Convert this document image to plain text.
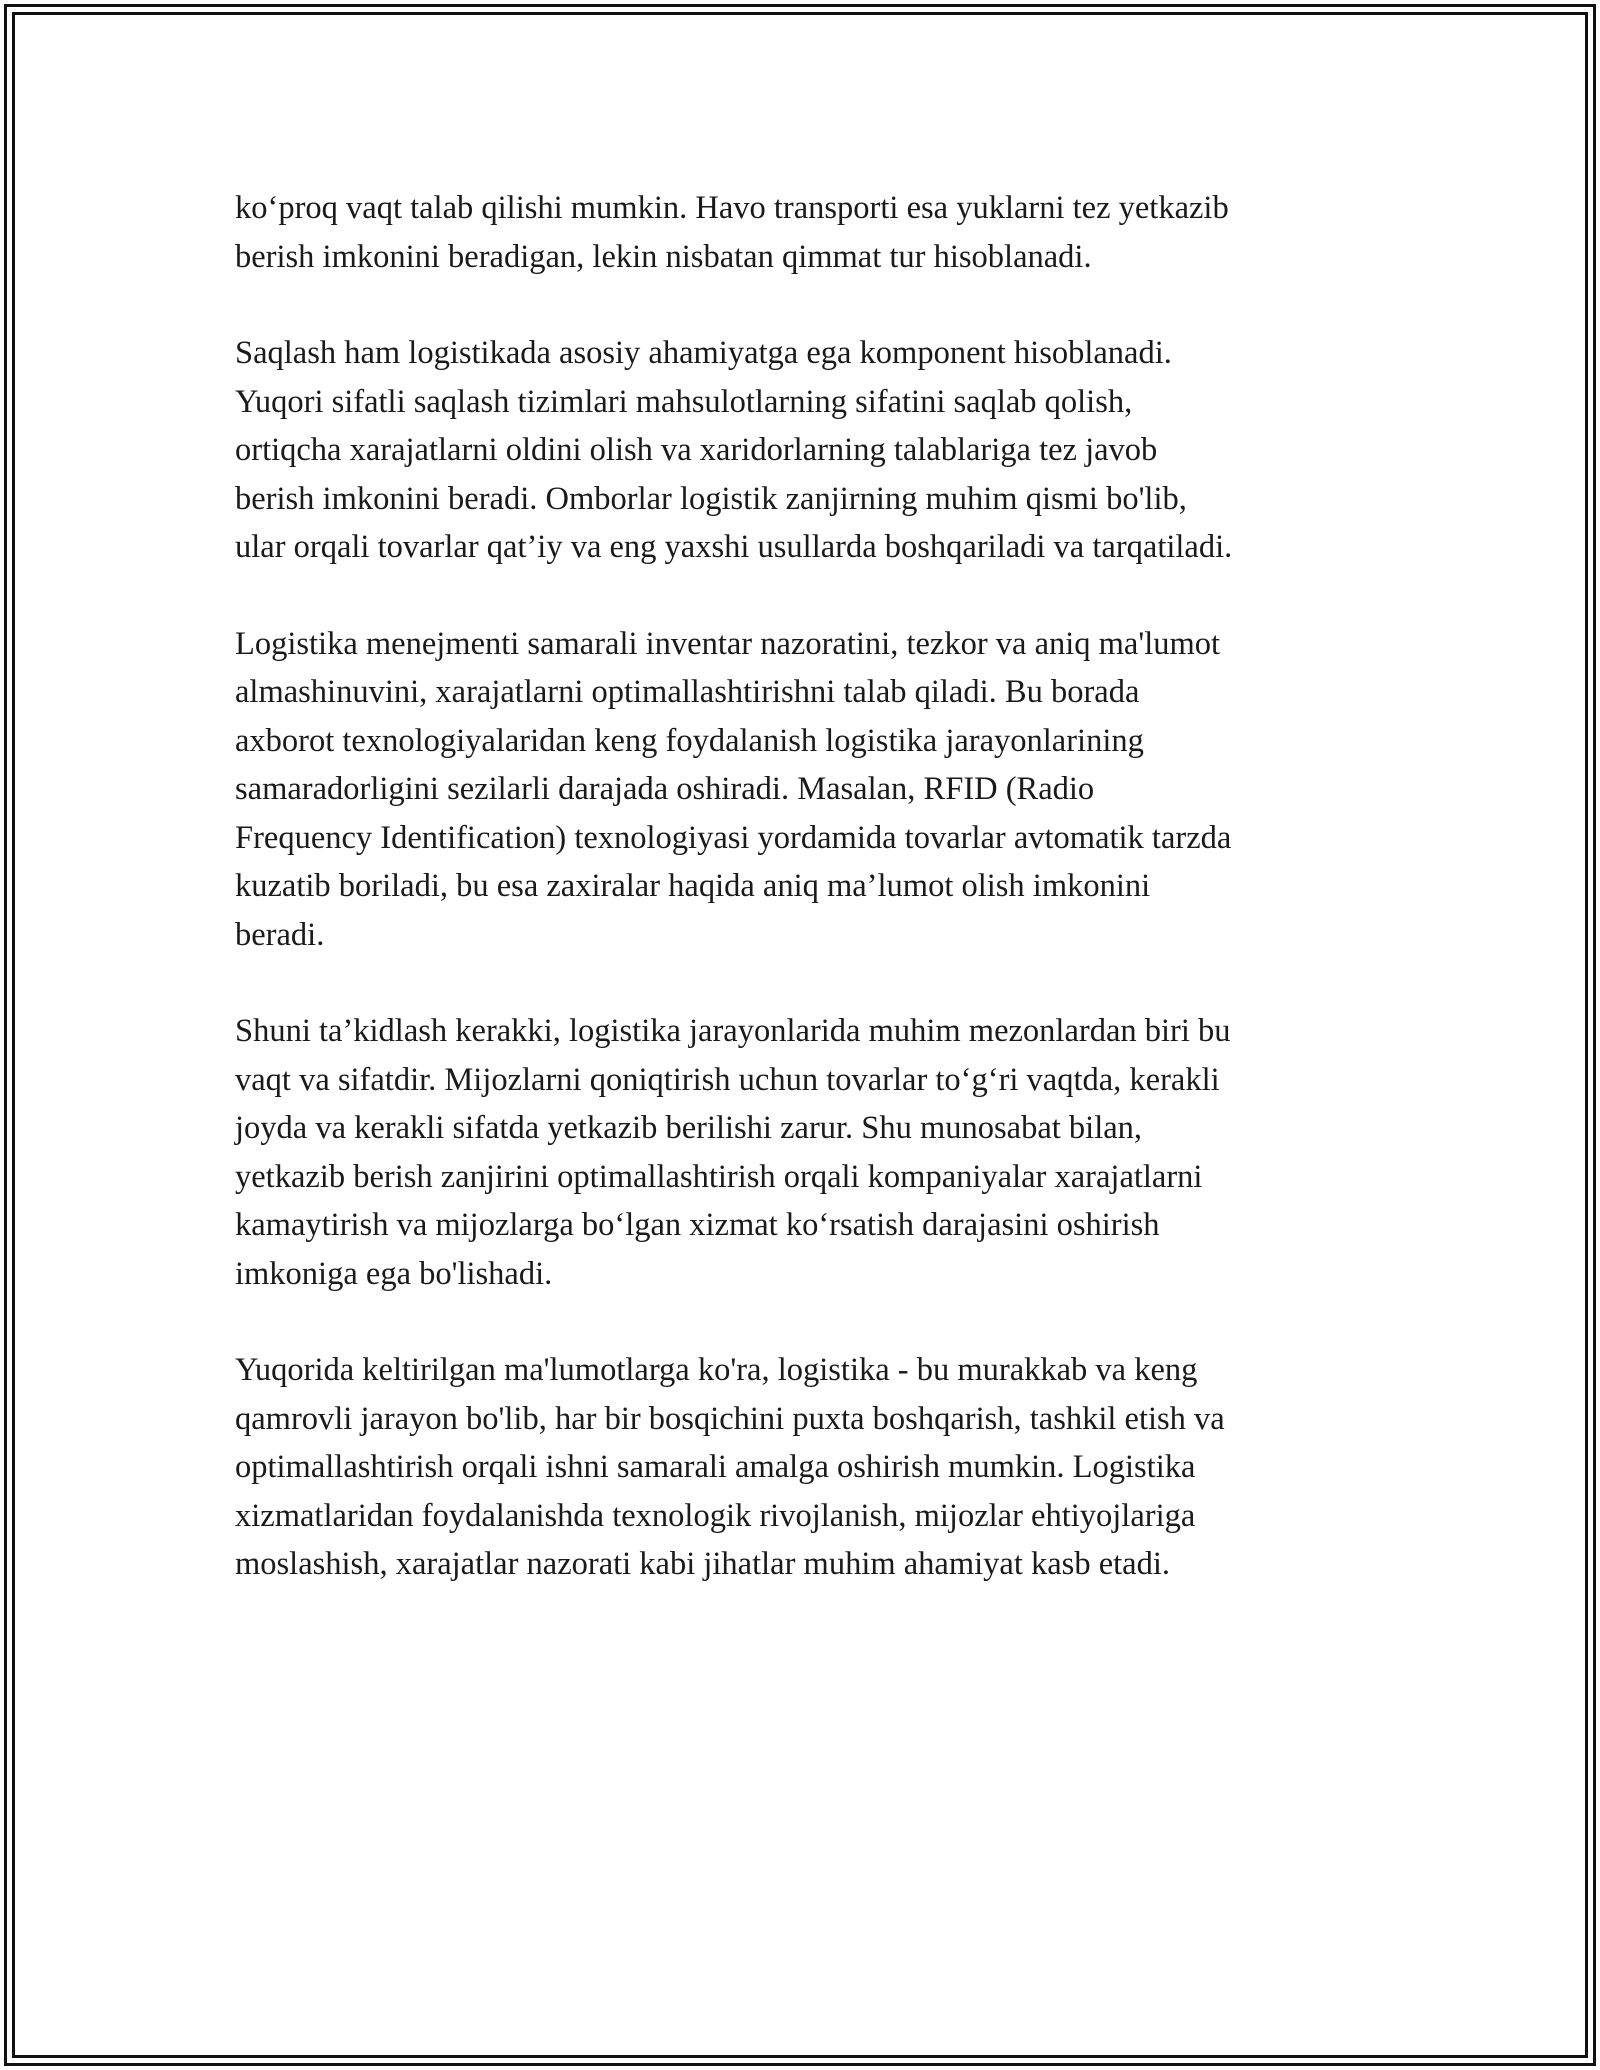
ko‘proq vaqt talab qilishi mumkin. Havo transporti esa yuklarni tez yetkazib
berish imkonini beradigan, lekin nisbatan qimmat tur hisoblanadi.

Saqlash ham logistikada asosiy ahamiyatga ega komponent hisoblanadi.
Yuqori sifatli saqlash tizimlari mahsulotlarning sifatini saqlab qolish,
ortiqcha xarajatlarni oldini olish va xaridorlarning talablariga tez javob
berish imkonini beradi. Omborlar logistik zanjirning muhim qismi bo'lib,
ular orqali tovarlar qat’iy va eng yaxshi usullarda boshqariladi va tarqatiladi.

Logistika menejmenti samarali inventar nazoratini, tezkor va aniq ma'lumot
almashinuvini, xarajatlarni optimallashtirishni talab qiladi. Bu borada
axborot texnologiyalaridan keng foydalanish logistika jarayonlarining
samaradorligini sezilarli darajada oshiradi. Masalan, RFID (Radio
Frequency Identification) texnologiyasi yordamida tovarlar avtomatik tarzda
kuzatib boriladi, bu esa zaxiralar haqida aniq ma’lumot olish imkonini
beradi.

Shuni ta’kidlash kerakki, logistika jarayonlarida muhim mezonlardan biri bu
vaqt va sifatdir. Mijozlarni qoniqtirish uchun tovarlar to‘g‘ri vaqtda, kerakli
joyda va kerakli sifatda yetkazib berilishi zarur. Shu munosabat bilan,
yetkazib berish zanjirini optimallashtirish orqali kompaniyalar xarajatlarni
kamaytirish va mijozlarga bo‘lgan xizmat ko‘rsatish darajasini oshirish
imkoniga ega bo'lishadi.

Yuqorida keltirilgan ma'lumotlarga ko'ra, logistika - bu murakkab va keng
qamrovli jarayon bo'lib, har bir bosqichini puxta boshqarish, tashkil etish va
optimallashtirish orqali ishni samarali amalga oshirish mumkin. Logistika
xizmatlaridan foydalanishda texnologik rivojlanish, mijozlar ehtiyojlariga
moslashish, xarajatlar nazorati kabi jihatlar muhim ahamiyat kasb etadi.
